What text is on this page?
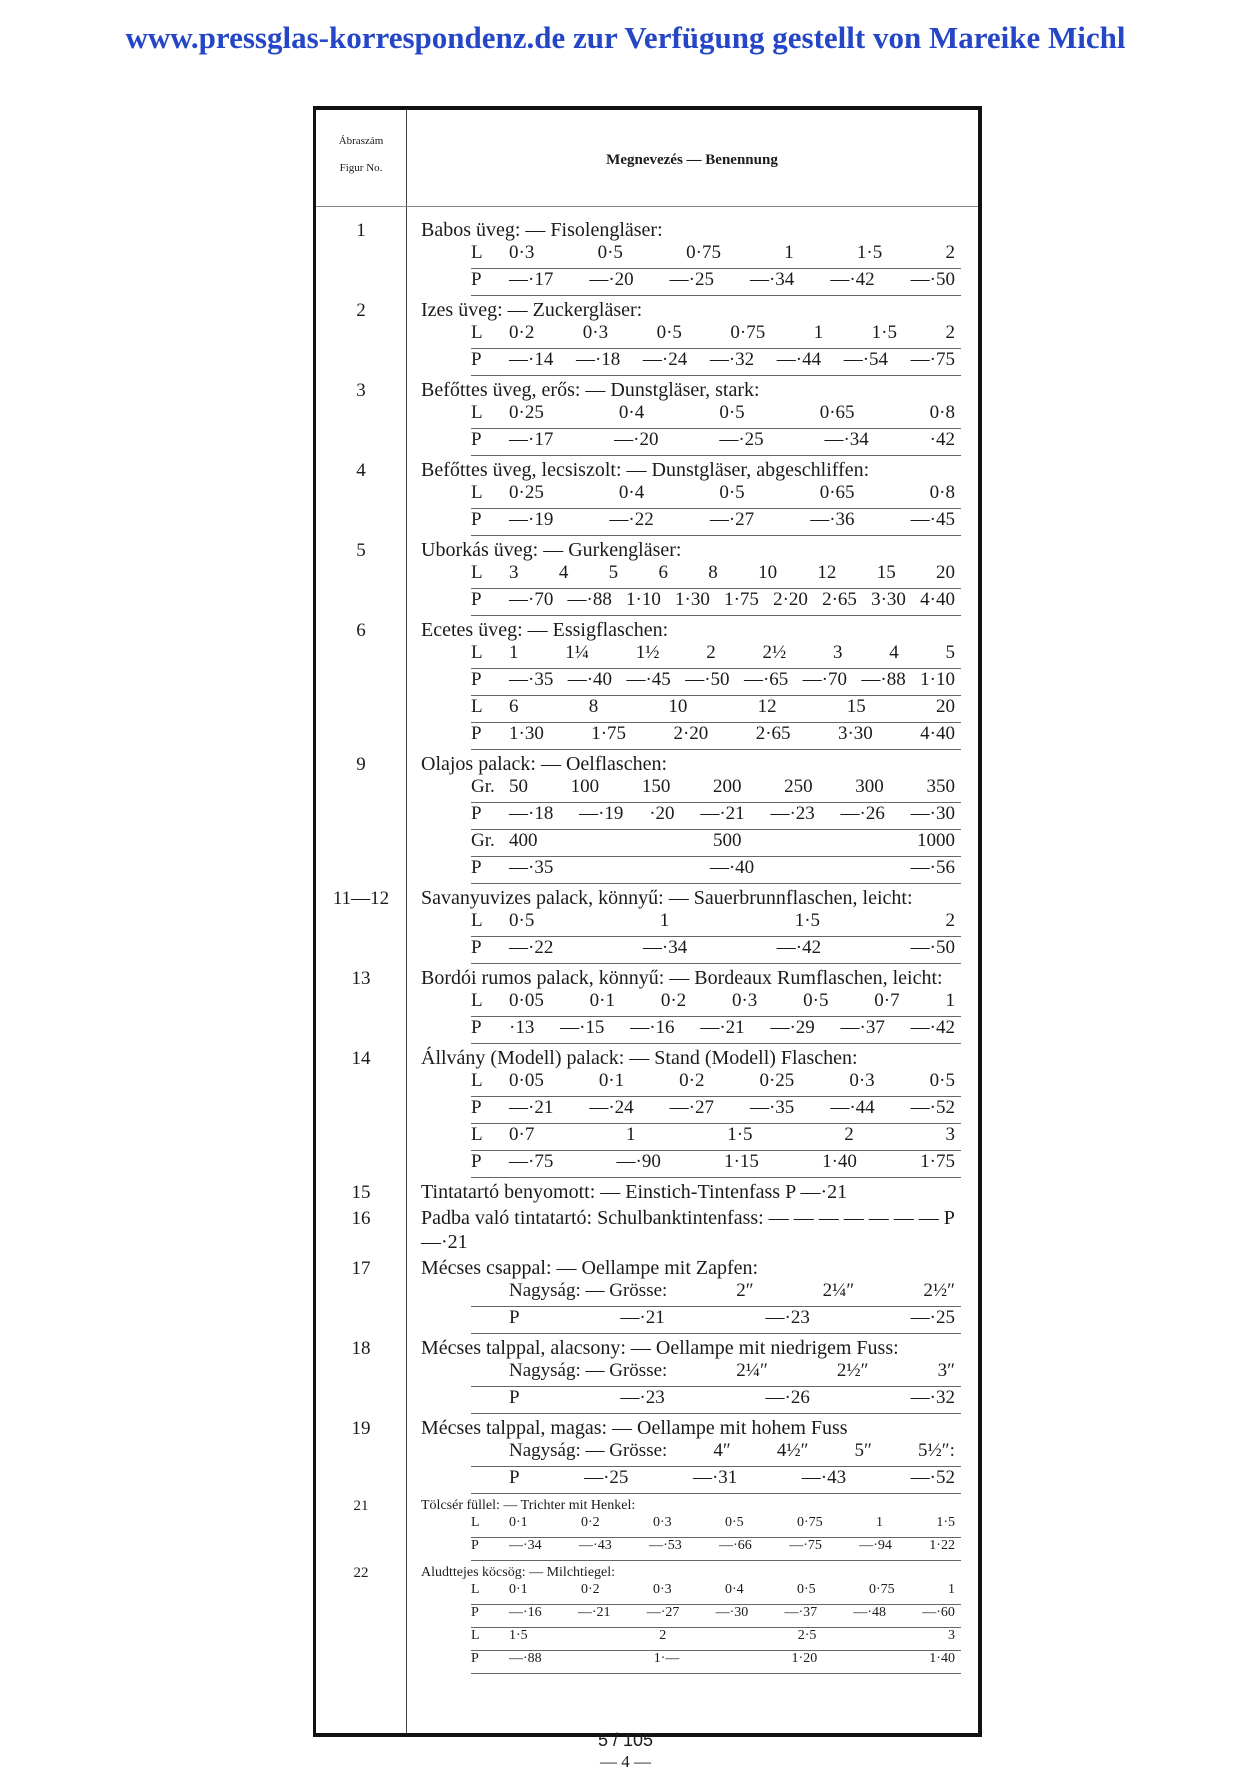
www.pressglas-korrespondenz.de zur Verfügung gestellt von Mareike Michl
Ábraszám
Figur No.	Megnevezés — Benennung
1	Babos üveg: — Fisolengläser:
L	0·3	0·5	0·75	1	1·5	2
P	—·17 —·20 —·25 —·34 —·42 —·50
2	Izes üveg: — Zuckergläser:
L	0·2	0·3	0·5	0·75	1	1·5	2
P	—·14 —·18 —·24 —·32 —·44 —·54 —·75
3	Befőttes üveg, erős: — Dunstgläser, stark:
L	0·25	0·4	0·5	0·65	0·8
P	—·17	—·20	—·25	—·34	·42
4	Befőttes üveg, lecsiszolt: — Dunstgläser, abgeschliffen:
L	0·25	0·4	0·5	0·65	0·8
P	—·19	—·22	—·27	—·36	—·45
5	Uborkás üveg: — Gurkengläser:
L	3 4 5 6 8 10 12 15 20
P	—·70 —·88 1·10 1·30 1·75 2·20 2·65 3·30 4·40
6	Ecetes üveg: — Essigflaschen:
L	1 1¼ 1½ 2 2½ 3 4 5
P	—·35 —·40 —·45 —·50 —·65 —·70 —·88 1·10
L	6	8	10	12	15	20
P	1·30 1·75 2·20 2·65 3·30 4·40
9	Olajos palack: — Oelflaschen:
Gr. 50 100 150 200 250 300 350
P	—·18 —·19 ·20 —·21 —·23 —·26 —·30
Gr. 400	500	1000
P	—·35	—·40	—·56
11—12	Savanyuvizes palack, könnyű: — Sauerbrunnflaschen, leicht:
L	0·5	1	1·5	2
P	—·22	—·34	—·42	—·50
13	Bordói rumos palack, könnyű: — Bordeaux Rumflaschen, leicht:
L	0·05 0·1 0·2 0·3 0·5 0·7 1
P	·13 —·15 —·16 —·21 —·29 —·37 —·42
14	Állvány (Modell) palack: — Stand (Modell) Flaschen:
L	0·05	0·1	0·2	0·25	0·3	0·5
P	—·21 —·24 —·27 —·35 —·44 —·52
L	0·7	1	1·5	2	3
P	—·75	—·90	1·15	1·40	1·75
15	Tintatartó benyomott: — Einstich-Tintenfass P —·21
16	Padba való tintatartó: Schulbanktintenfass: — — — — — — — P —·21
17	Mécses csappal: — Oellampe mit Zapfen:
Nagyság: — Grösse:	2″	2¼″	2½″
P	—·21	—·23	—·25
18	Mécses talppal, alacsony: — Oellampe mit niedrigem Fuss:
Nagyság: — Grösse:	2¼″	2½″	3″
P	—·23	—·26	—·32
19	Mécses talppal, magas: — Oellampe mit hohem Fuss
Nagyság: — Grösse: 4″ 4½″ 5″ 5½″:
P	—·25	—·31	—·43	—·52
21	Tölcsér füllel: — Trichter mit Henkel:
L	0·1	0·2	0·3	0·5	0·75	1	1·5
P	—·34	—·43	—·53	—·66	—·75	—·94	1·22
22	Aludttejes köcsög: — Milchtiegel:
L	0·1	0·2	0·3	0·4	0·5	0·75	1
P	—·16	—·21	—·27	—·30	—·37	—·48	—·60
L	1·5	2	2·5	3
P	—·88	1·—	1·20	1·40
5 / 105
— 4 —
